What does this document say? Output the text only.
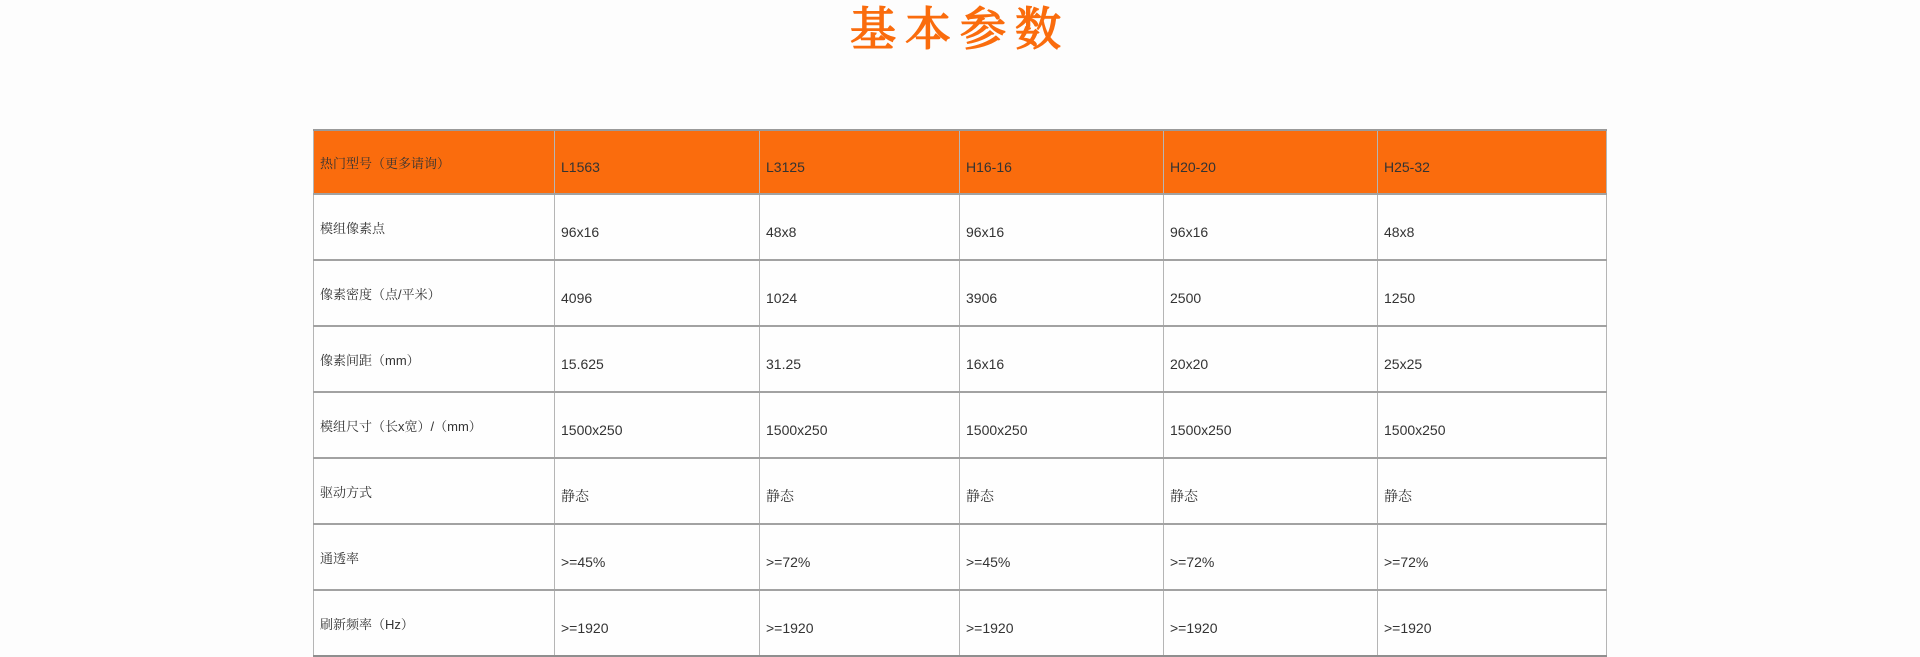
基本参数
热门型号（更多请询）	L1563	L3125	H16-16	H20-20	H25-32
模组像素点	96x16	48x8	96x16	96x16	48x8
像素密度（点/平米）	4096	1024	3906	2500	1250
像素间距（mm）	15.625	31.25	16x16	20x20	25x25
模组尺寸（长x宽）/（mm）	1500x250	1500x250	1500x250	1500x250	1500x250
驱动方式	静态	静态	静态	静态	静态
通透率	>=45%	>=72%	>=45%	>=72%	>=72%
刷新频率（Hz）	>=1920	>=1920	>=1920	>=1920	>=1920
